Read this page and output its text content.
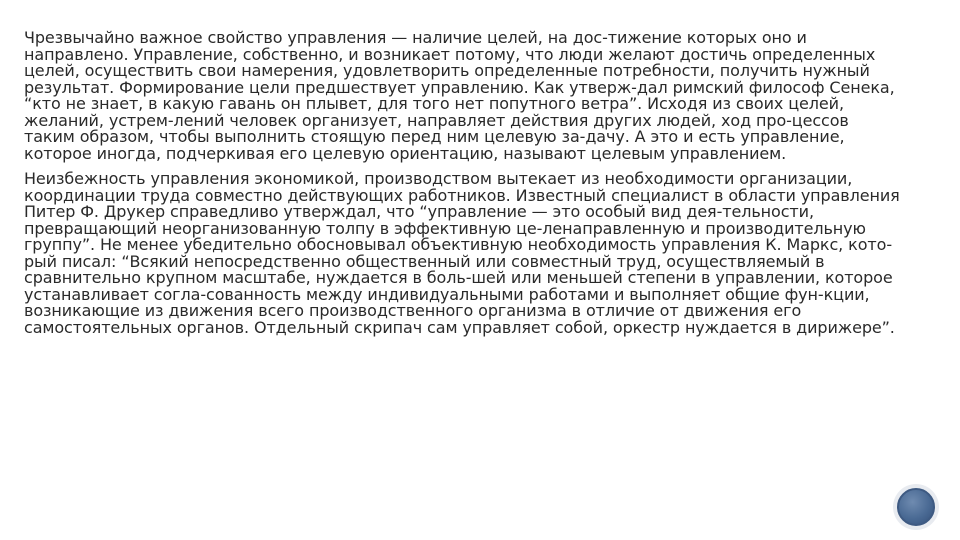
Чрезвычайно важное свойство управления — наличие целей, на дос-тижение которых оно и направлено. Управление, собственно, и возникает потому, что люди желают достичь определенных целей, осуществить свои намерения, удовлетворить определенные потребности, получить нужный результат. Формирование цели предшествует управлению. Как утверж-дал римский философ Сенека, “кто не знает, в какую гавань он плывет, для того нет попутного ветра”. Исходя из своих целей, желаний, устрем-лений человек организует, направляет действия других людей, ход про-цессов таким образом, чтобы выполнить стоящую перед ним целевую за-дачу. А это и есть управление, которое иногда, подчеркивая его целевую ориентацию, называют целевым управлением.

Неизбежность управления экономикой, производством вытекает из необходимости организации, координации труда совместно действующих работников. Известный специалист в области управления Питер Ф. Друкер справедливо утверждал, что “управление — это особый вид дея-тельности, превращающий неорганизованную толпу в эффективную це-ленаправленную и производительную группу”. Не менее убедительно обосновывал объективную необходимость управления К. Маркс, кото-рый писал: “Всякий непосредственно общественный или совместный труд, осуществляемый в сравнительно крупном масштабе, нуждается в боль-шей или меньшей степени в управлении, которое устанавливает согла-сованность между индивидуальными работами и выполняет общие фун-кции, возникающие из движения всего производственного организма в отличие от движения его самостоятельных органов. Отдельный скрипач сам управляет собой, оркестр нуждается в дирижере”.
